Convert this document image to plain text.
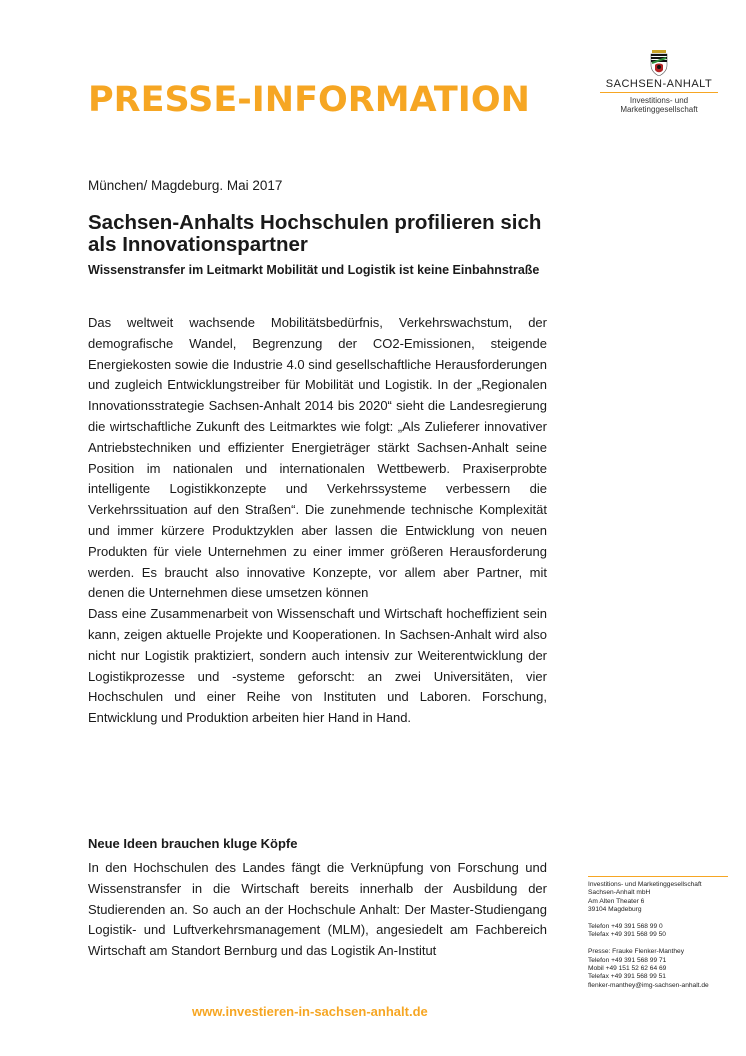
PRESSE-INFORMATION	SACHSEN-ANHALT
Investitions- und
Marketinggesellschaft
München/ Magdeburg. Mai 2017
Sachsen-Anhalts Hochschulen profilieren sich als Innovationspartner
Wissenstransfer im Leitmarkt Mobilität und Logistik ist keine Einbahnstraße

Das weltweit wachsende Mobilitätsbedürfnis, Verkehrswachstum, der demografische Wandel, Begrenzung der CO2-Emissionen, steigende Energiekosten sowie die Industrie 4.0 sind gesellschaftliche Herausforderungen und zugleich Entwicklungstreiber für Mobilität und Logistik. In der „Regionalen Innovationsstrategie Sachsen-Anhalt 2014 bis 2020“ sieht die Landesregierung die wirtschaftliche Zukunft des Leitmarktes wie folgt: „Als Zulieferer innovativer Antriebstechniken und effizienter Energieträger stärkt Sachsen-Anhalt seine Position im nationalen und internationalen Wettbewerb. Praxiserprobte intelligente Logistikkonzepte und Verkehrssysteme verbessern die Verkehrssituation auf den Straßen“. Die zunehmende technische Komplexität und immer kürzere Produktzyklen aber lassen die Entwicklung von neuen Produkten für viele Unternehmen zu einer immer größeren Herausforderung werden. Es braucht also innovative Konzepte, vor allem aber Partner, mit denen die Unternehmen diese umsetzen können

Dass eine Zusammenarbeit von Wissenschaft und Wirtschaft hocheffizient sein kann, zeigen aktuelle Projekte und Kooperationen. In Sachsen-Anhalt wird also nicht nur Logistik praktiziert, sondern auch intensiv zur Weiterentwicklung der Logistikprozesse und -systeme geforscht: an zwei Universitäten, vier Hochschulen und einer Reihe von Instituten und Laboren. Forschung, Entwicklung und Produktion arbeiten hier Hand in Hand.

Neue Ideen brauchen kluge Köpfe

In den Hochschulen des Landes fängt die Verknüpfung von Forschung und Wissenstransfer in die Wirtschaft bereits innerhalb der Ausbildung der Studierenden an. So auch an der Hochschule Anhalt: Der Master-Studiengang Logistik- und Luftverkehrsmanagement (MLM), angesiedelt am Fachbereich Wirtschaft am Standort Bernburg und das Logistik An-Institut

Investitions- und Marketinggesellschaft
Sachsen-Anhalt mbH
Am Alten Theater 6
39104 Magdeburg
Telefon +49 391 568 99 0
Telefax +49 391 568 99 50
Presse: Frauke Flenker-Manthey
Telefon +49 391 568 99 71
Mobil +49 151 52 62 64 69
Telefax +49 391 568 99 51
flenker-manthey@img-sachsen-anhalt.de
www.investieren-in-sachsen-anhalt.de
